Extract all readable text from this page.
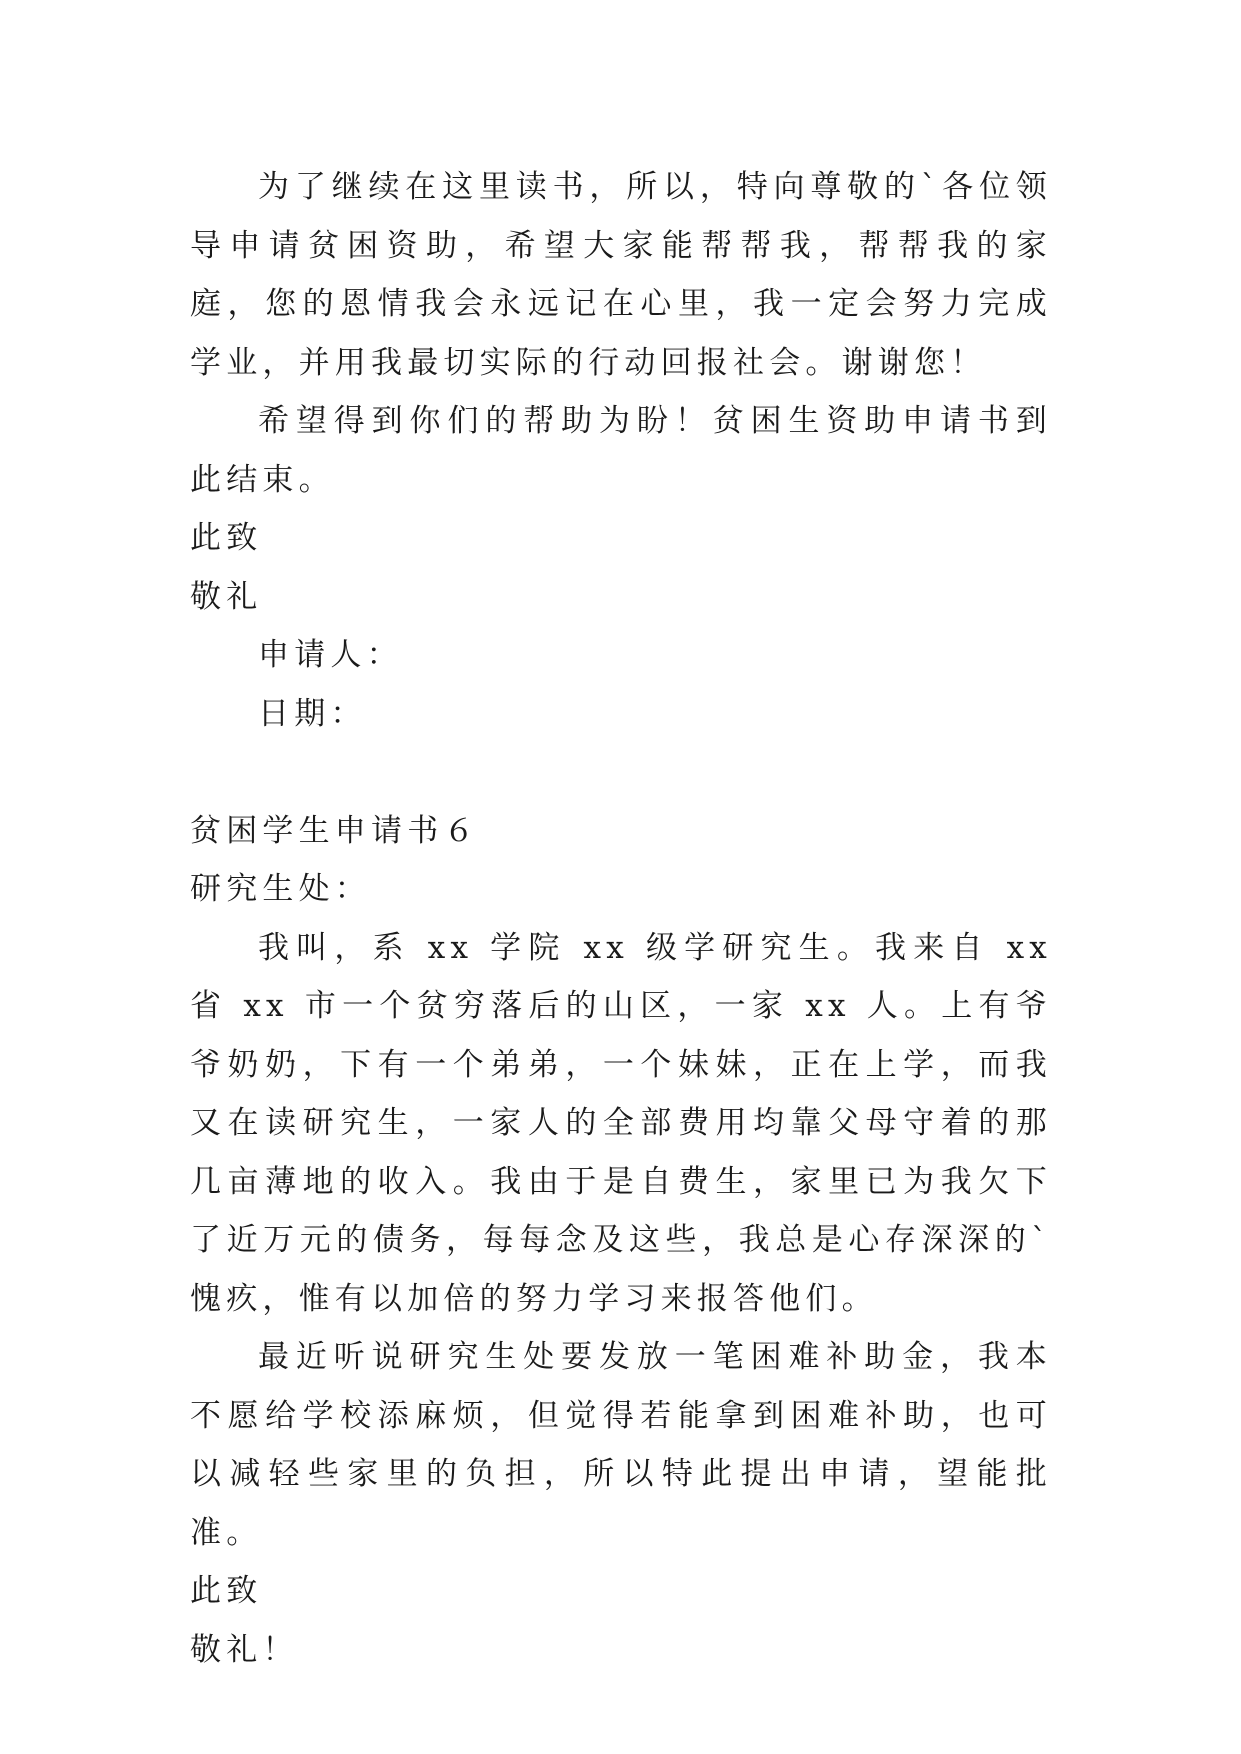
为了继续在这里读书，所以，特向尊敬的`各位领导申请贫困资助，希望大家能帮帮我，帮帮我的家庭，您的恩情我会永远记在心里，我一定会努力完成学业，并用我最切实际的行动回报社会。谢谢您！

希望得到你们的帮助为盼！贫困生资助申请书到此结束。

此致

敬礼

申请人：

日期：

贫困学生申请书６

研究生处：

我叫，系 xx 学院 xx 级学研究生。我来自 xx 省 xx 市一个贫穷落后的山区，一家 xx 人。上有爷爷奶奶，下有一个弟弟，一个妹妹，正在上学，而我又在读研究生，一家人的全部费用均靠父母守着的那几亩薄地的收入。我由于是自费生，家里已为我欠下了近万元的债务，每每念及这些，我总是心存深深的`愧疚，惟有以加倍的努力学习来报答他们。

最近听说研究生处要发放一笔困难补助金，我本不愿给学校添麻烦，但觉得若能拿到困难补助，也可以减轻些家里的负担，所以特此提出申请，望能批准。

此致

敬礼！
